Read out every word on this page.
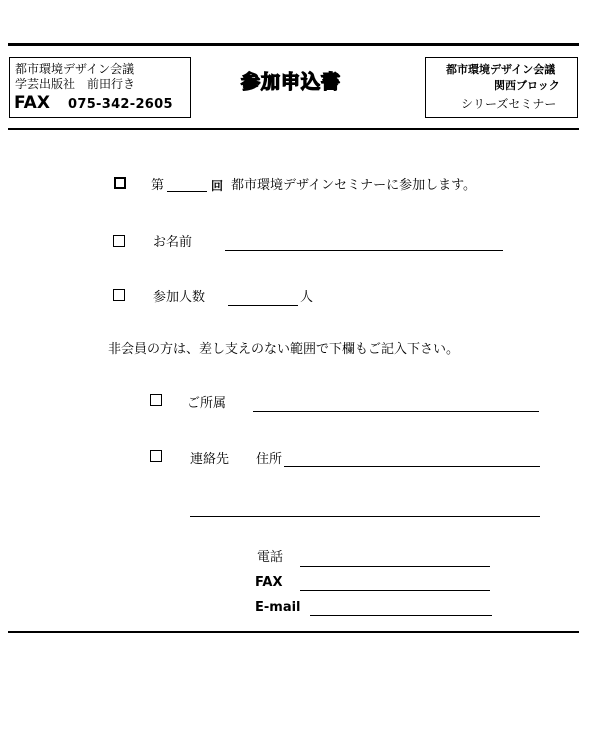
都市環境デザイン会議
学芸出版社　前田行き
FAX 075-342-2605
参加申込書
都市環境デザイン会議
関西ブロック
シリーズセミナー
第	回 都市環境デザインセミナーに参加します。
お名前
参加人数	人
非会員の方は、差し支えのない範囲で下欄もご記入下さい。
ご所属
連絡先 住所
電話
FAX
E-mail
